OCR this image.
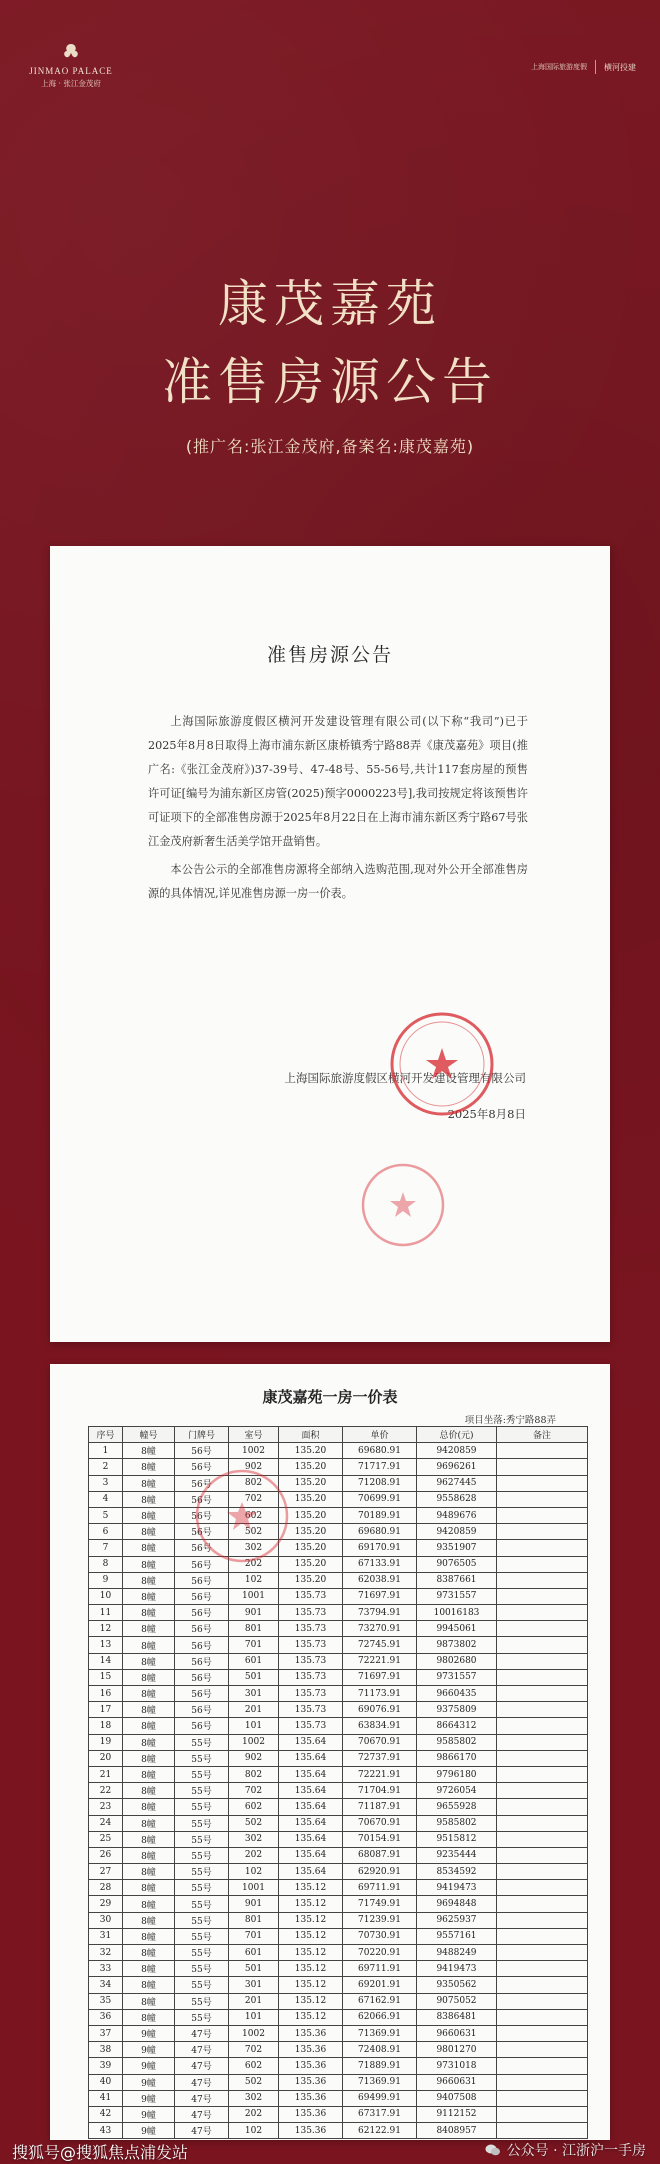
JINMAO PALACE
上海 · 张江金茂府
上海国际旅游度假 横河投建
康茂嘉苑
准售房源公告
(推广名:张江金茂府,备案名:康茂嘉苑)
准售房源公告

上海国际旅游度假区横河开发建设管理有限公司(以下称“我司”)已于2025年8月8日取得上海市浦东新区康桥镇秀宁路88弄《康茂嘉苑》项目(推广名:《张江金茂府》)37-39号、47-48号、55-56号,共计117套房屋的预售许可证[编号为浦东新区房管(2025)预字0000223号],我司按规定将该预售许可证项下的全部准售房源于2025年8月22日在上海市浦东新区秀宁路67号张江金茂府新奢生活美学馆开盘销售。

本公告公示的全部准售房源将全部纳入选购范围,现对外公开全部准售房源的具体情况,详见准售房源一房一价表。

上海国际旅游度假区横河开发建设管理有限公司
2025年8月8日
康茂嘉苑一房一价表
项目坐落:秀宁路88弄
序号	幢号	门牌号	室号	面积	单价	总价(元)	备注
1	8幢	56号	1002	135.20	69680.91	9420859	
2	8幢	56号	902	135.20	71717.91	9696261	
3	8幢	56号	802	135.20	71208.91	9627445	
4	8幢	56号	702	135.20	70699.91	9558628	
5	8幢	56号	602	135.20	70189.91	9489676	
6	8幢	56号	502	135.20	69680.91	9420859	
7	8幢	56号	302	135.20	69170.91	9351907	
8	8幢	56号	202	135.20	67133.91	9076505	
9	8幢	56号	102	135.20	62038.91	8387661	
10	8幢	56号	1001	135.73	71697.91	9731557	
11	8幢	56号	901	135.73	73794.91	10016183	
12	8幢	56号	801	135.73	73270.91	9945061	
13	8幢	56号	701	135.73	72745.91	9873802	
14	8幢	56号	601	135.73	72221.91	9802680	
15	8幢	56号	501	135.73	71697.91	9731557	
16	8幢	56号	301	135.73	71173.91	9660435	
17	8幢	56号	201	135.73	69076.91	9375809	
18	8幢	56号	101	135.73	63834.91	8664312	
19	8幢	55号	1002	135.64	70670.91	9585802	
20	8幢	55号	902	135.64	72737.91	9866170	
21	8幢	55号	802	135.64	72221.91	9796180	
22	8幢	55号	702	135.64	71704.91	9726054	
23	8幢	55号	602	135.64	71187.91	9655928	
24	8幢	55号	502	135.64	70670.91	9585802	
25	8幢	55号	302	135.64	70154.91	9515812	
26	8幢	55号	202	135.64	68087.91	9235444	
27	8幢	55号	102	135.64	62920.91	8534592	
28	8幢	55号	1001	135.12	69711.91	9419473	
29	8幢	55号	901	135.12	71749.91	9694848	
30	8幢	55号	801	135.12	71239.91	9625937	
31	8幢	55号	701	135.12	70730.91	9557161	
32	8幢	55号	601	135.12	70220.91	9488249	
33	8幢	55号	501	135.12	69711.91	9419473	
34	8幢	55号	301	135.12	69201.91	9350562	
35	8幢	55号	201	135.12	67162.91	9075052	
36	8幢	55号	101	135.12	62066.91	8386481	
37	9幢	47号	1002	135.36	71369.91	9660631	
38	9幢	47号	702	135.36	72408.91	9801270	
39	9幢	47号	602	135.36	71889.91	9731018	
40	9幢	47号	502	135.36	71369.91	9660631	
41	9幢	47号	302	135.36	69499.91	9407508	
42	9幢	47号	202	135.36	67317.91	9112152	
43	9幢	47号	102	135.36	62122.91	8408957	
搜狐号@搜狐焦点浦发站	公众号 · 江浙沪一手房
